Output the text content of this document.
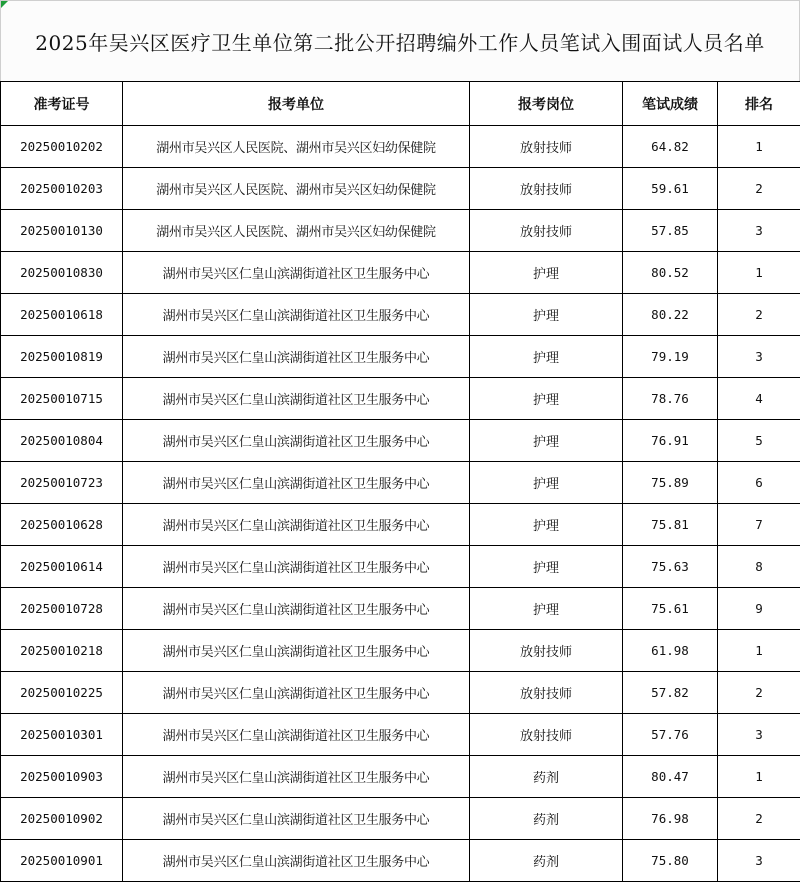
2025年吴兴区医疗卫生单位第二批公开招聘编外工作人员笔试入围面试人员名单
准考证号	报考单位	报考岗位	笔试成绩	排名
20250010202	湖州市吴兴区人民医院、湖州市吴兴区妇幼保健院	放射技师	64.82	1
20250010203	湖州市吴兴区人民医院、湖州市吴兴区妇幼保健院	放射技师	59.61	2
20250010130	湖州市吴兴区人民医院、湖州市吴兴区妇幼保健院	放射技师	57.85	3
20250010830	湖州市吴兴区仁皇山滨湖街道社区卫生服务中心	护理	80.52	1
20250010618	湖州市吴兴区仁皇山滨湖街道社区卫生服务中心	护理	80.22	2
20250010819	湖州市吴兴区仁皇山滨湖街道社区卫生服务中心	护理	79.19	3
20250010715	湖州市吴兴区仁皇山滨湖街道社区卫生服务中心	护理	78.76	4
20250010804	湖州市吴兴区仁皇山滨湖街道社区卫生服务中心	护理	76.91	5
20250010723	湖州市吴兴区仁皇山滨湖街道社区卫生服务中心	护理	75.89	6
20250010628	湖州市吴兴区仁皇山滨湖街道社区卫生服务中心	护理	75.81	7
20250010614	湖州市吴兴区仁皇山滨湖街道社区卫生服务中心	护理	75.63	8
20250010728	湖州市吴兴区仁皇山滨湖街道社区卫生服务中心	护理	75.61	9
20250010218	湖州市吴兴区仁皇山滨湖街道社区卫生服务中心	放射技师	61.98	1
20250010225	湖州市吴兴区仁皇山滨湖街道社区卫生服务中心	放射技师	57.82	2
20250010301	湖州市吴兴区仁皇山滨湖街道社区卫生服务中心	放射技师	57.76	3
20250010903	湖州市吴兴区仁皇山滨湖街道社区卫生服务中心	药剂	80.47	1
20250010902	湖州市吴兴区仁皇山滨湖街道社区卫生服务中心	药剂	76.98	2
20250010901	湖州市吴兴区仁皇山滨湖街道社区卫生服务中心	药剂	75.80	3
